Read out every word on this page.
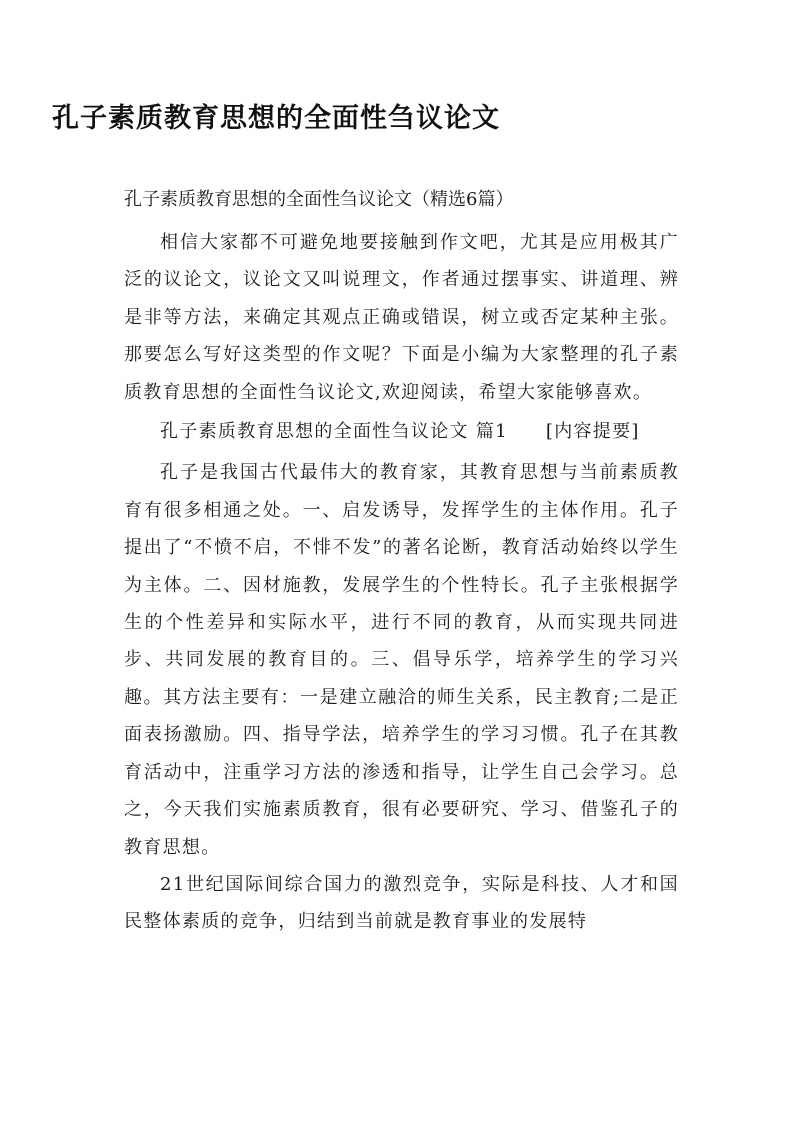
孔子素质教育思想的全面性刍议论文

孔子素质教育思想的全面性刍议论文（精选6篇）

相信大家都不可避免地要接触到作文吧，尤其是应用极其广泛的议论文，议论文又叫说理文，作者通过摆事实、讲道理、辨是非等方法，来确定其观点正确或错误，树立或否定某种主张。那要怎么写好这类型的作文呢？下面是小编为大家整理的孔子素质教育思想的全面性刍议论文,欢迎阅读，希望大家能够喜欢。

孔子素质教育思想的全面性刍议论文 篇1 [内容提要]

孔子是我国古代最伟大的教育家，其教育思想与当前素质教育有很多相通之处。一、启发诱导，发挥学生的主体作用。孔子提出了“不愤不启，不悱不发”的著名论断，教育活动始终以学生为主体。二、因材施教，发展学生的个性特长。孔子主张根据学生的个性差异和实际水平，进行不同的教育，从而实现共同进步、共同发展的教育目的。三、倡导乐学，培养学生的学习兴趣。其方法主要有：一是建立融洽的师生关系，民主教育;二是正面表扬激励。四、指导学法，培养学生的学习习惯。孔子在其教育活动中，注重学习方法的渗透和指导，让学生自己会学习。总之，今天我们实施素质教育，很有必要研究、学习、借鉴孔子的教育思想。

21世纪国际间综合国力的激烈竞争，实际是科技、人才和国民整体素质的竞争，归结到当前就是教育事业的发展特
